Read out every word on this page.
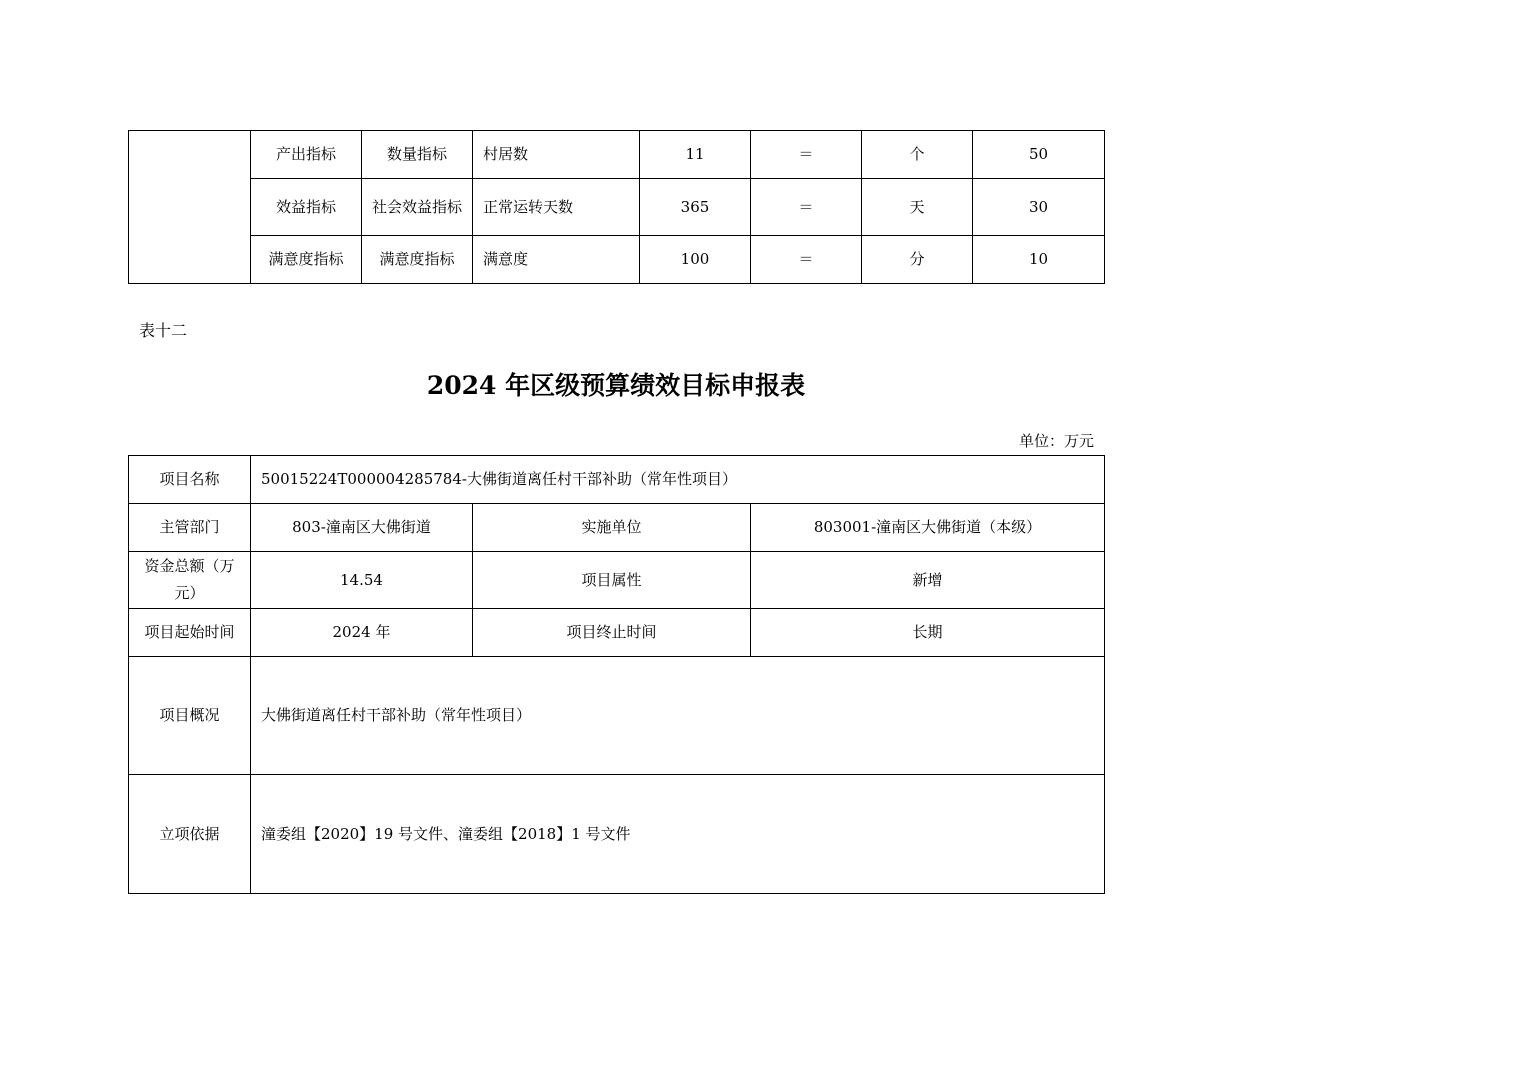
	产出指标	数量指标	村居数	11	＝	个	50
	效益指标	社会效益指标	正常运转天数	365	＝	天	30
	满意度指标	满意度指标	满意度	100	＝	分	10
表十二
2024 年区级预算绩效目标申报表
单位：万元
项目名称	50015224T000004285784-大佛街道离任村干部补助（常年性项目）		
主管部门	803-潼南区大佛街道	实施单位	803001-潼南区大佛街道（本级）
资金总额（万元）	14.54	项目属性	新增
项目起始时间	2024 年	项目终止时间	长期
项目概况	大佛街道离任村干部补助（常年性项目）		
立项依据	潼委组【2020】19 号文件、潼委组【2018】1 号文件		
